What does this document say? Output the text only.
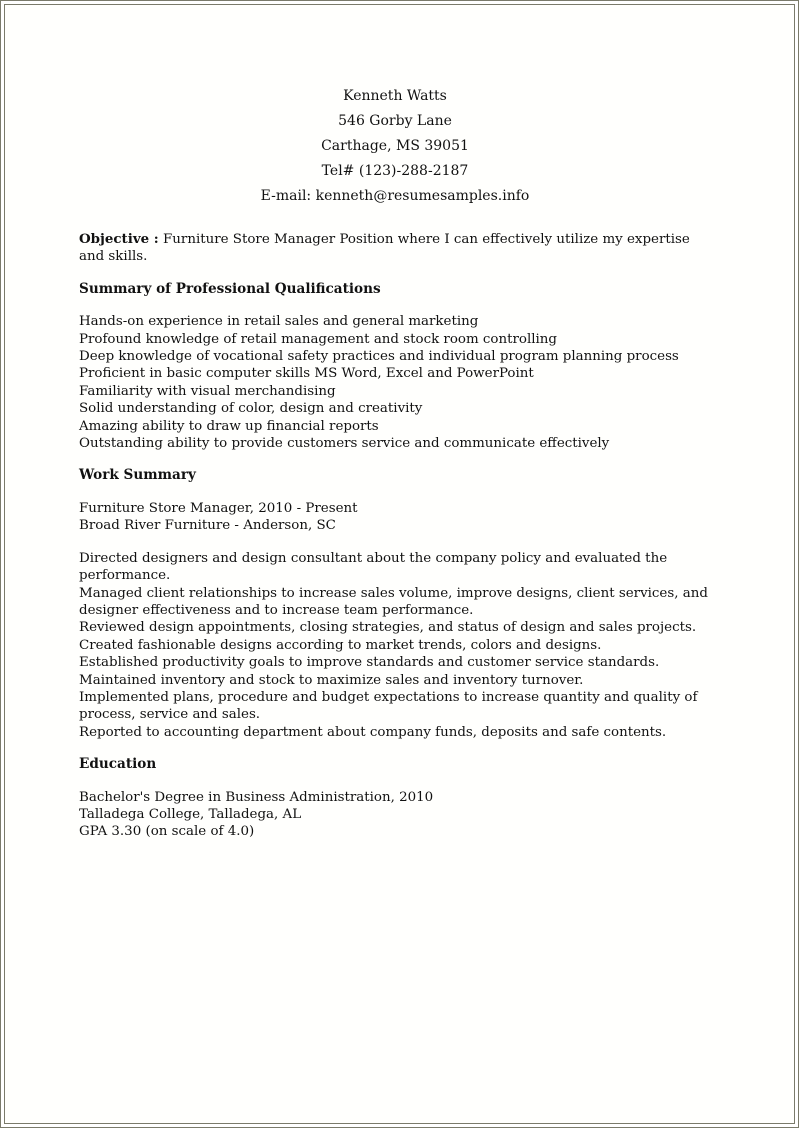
Kenneth Watts
546 Gorby Lane
Carthage, MS 39051
Tel# (123)-288-2187
E-mail: kenneth@resumesamples.info
Objective : Furniture Store Manager Position where I can effectively utilize my expertise and skills.
Summary of Professional Qualifications
Hands-on experience in retail sales and general marketing
Profound knowledge of retail management and stock room controlling
Deep knowledge of vocational safety practices and individual program planning process
Proficient in basic computer skills MS Word, Excel and PowerPoint
Familiarity with visual merchandising
Solid understanding of color, design and creativity
Amazing ability to draw up financial reports
Outstanding ability to provide customers service and communicate effectively
Work Summary
Furniture Store Manager, 2010 - Present
Broad River Furniture - Anderson, SC
Directed designers and design consultant about the company policy and evaluated the performance.
Managed client relationships to increase sales volume, improve designs, client services, and designer effectiveness and to increase team performance.
Reviewed design appointments, closing strategies, and status of design and sales projects.
Created fashionable designs according to market trends, colors and designs.
Established productivity goals to improve standards and customer service standards.
Maintained inventory and stock to maximize sales and inventory turnover.
Implemented plans, procedure and budget expectations to increase quantity and quality of process, service and sales.
Reported to accounting department about company funds, deposits and safe contents.
Education
Bachelor's Degree in Business Administration, 2010
Talladega College, Talladega, AL
GPA 3.30 (on scale of 4.0)
